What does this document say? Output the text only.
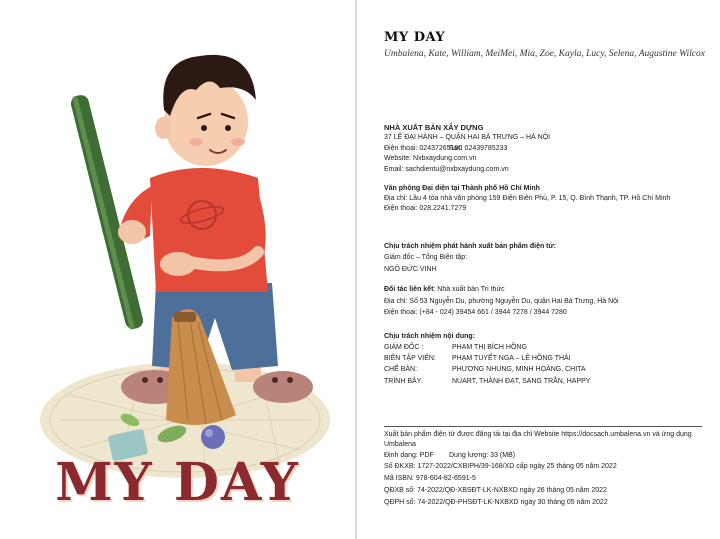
MY DAY
MY DAY
Umbalena, Kate, William, MeiMei, Mia, Zoe, Kayla, Lucy, Selena, Augustine Wilcox
NHÀ XUẤT BẢN XÂY DỰNG
37 LÊ ĐẠI HÀNH – QUẬN HAI BÀ TRƯNG – HÀ NỘI
Điện thoại: 02437265180
Fax: 02439785233
Website: Nxbxaydung.com.vn
Email: sachdientu@nxbxaydung.com.vn
Văn phòng Đại diện tại Thành phố Hồ Chí Minh
Địa chỉ: Lầu 4 tòa nhà văn phòng 159 Điện Biên Phủ, P. 15, Q. Bình Thạnh, TP. Hồ Chí Minh
Điện thoại: 028.2241.7279
Chịu trách nhiệm phát hành xuất bản phẩm điện tử:
Giám đốc – Tổng Biên tập:
NGÔ ĐỨC VINH
Đối tác liên kết: Nhà xuất bản Tri thức
Địa chỉ: Số 53 Nguyễn Du, phường Nguyễn Du, quận Hai Bà Trưng, Hà Nội
Điện thoại: (+84 - 024) 39454 661 / 3944 7278 / 3944 7280
Chịu trách nhiệm nội dung:
GIÁM ĐỐC :	PHẠM THỊ BÍCH HỒNG
BIÊN TẬP VIÊN: PHẠM TUYẾT NGA – LÊ HỒNG THÁI
CHẾ BẢN:	PHƯƠNG NHUNG, MINH HOÀNG, CHITA
TRÌNH BÀY:	NUART, THÀNH ĐẠT, SANG TRẦN, HAPPY
Xuất bản phẩm điện tử được đăng tải tại địa chỉ Website https://docsach.umbalena.vn và ứng dụng
Umbalena
Định dạng: PDF Dung lượng: 33 (MB)
Số ĐKXB: 1727-2022/CXBIPH/39-168/XD cấp ngày 25 tháng 05 năm 2022
Mã ISBN: 978-604-82-6591-5
QĐXB số: 74-2022/QĐ-XBSĐT-LK-NXBXD ngày 26 tháng 05 năm 2022
QĐPH số: 74-2022/QĐ-PHSĐT-LK-NXBXD ngày 30 tháng 05 năm 2022
